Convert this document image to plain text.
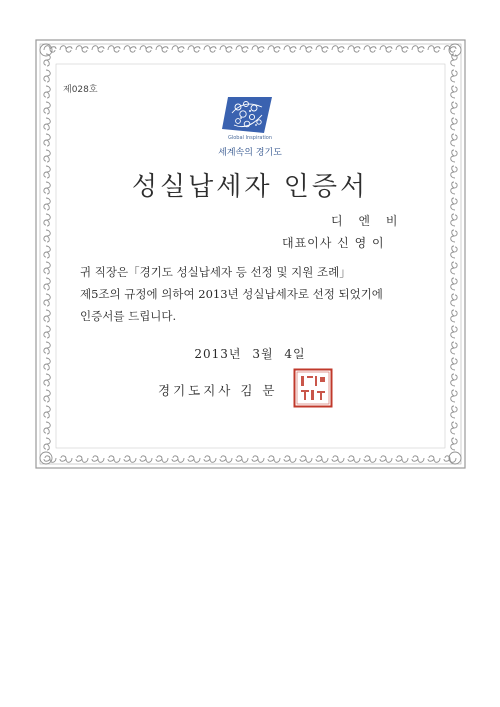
제028호
Global Inspiration
세계속의 경기도
성실납세자 인증서
디 엔 비
대표이사 신 영 이
귀 직장은「경기도 성실납세자 등 선정 및 지원 조례」
제5조의 규정에 의하여 2013년 성실납세자로 선정 되었기에
인증서를 드립니다.
2013년 3월 4일
경기도지사 김 문
